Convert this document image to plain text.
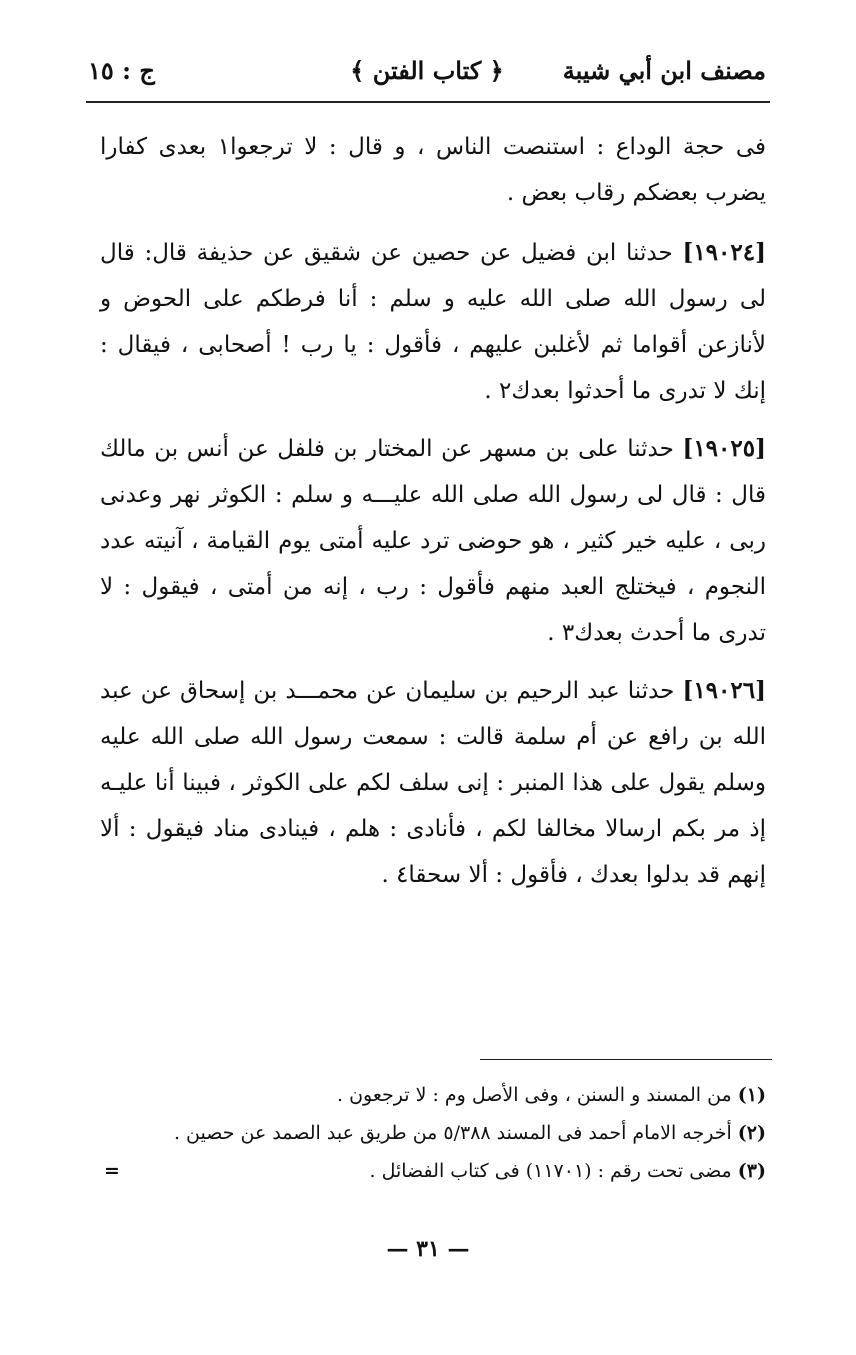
مصنف ابن أبي شيبة
﴿ كتاب الفتن ﴾
ج : ١٥

فى حجة الوداع : استنصت الناس ، و قال : لا ترجعوا١ بعدى كفارا يضرب بعضكم رقاب بعض .

[١٩٠٢٤] حدثنا ابن فضيل عن حصين عن شقيق عن حذيفة قال: قال لى رسول الله صلى الله عليه و سلم : أنا فرطكم على الحوض و لأنازعن أقواما ثم لأغلبن عليهم ، فأقول : يا رب ! أصحابى ، فيقال : إنك لا تدرى ما أحدثوا بعدك٢ .

[١٩٠٢٥] حدثنا على بن مسهر عن المختار بن فلفل عن أنس بن مالك قال : قال لى رسول الله صلى الله عليـــه و سلم : الكوثر نهر وعدنى ربى ، عليه خير كثير ، هو حوضى ترد عليه أمتى يوم القيامة ، آنيته عدد النجوم ، فيختلج العبد منهم فأقول : رب ، إنه من أمتى ، فيقول : لا تدرى ما أحدث بعدك٣ .

[١٩٠٢٦] حدثنا عبد الرحيم بن سليمان عن محمـــد بن إسحاق عن عبد الله بن رافع عن أم سلمة قالت : سمعت رسول الله صلى الله عليه وسلم يقول على هذا المنبر : إنى سلف لكم على الكوثر ، فبينا أنا عليـه إذ مر بكم ارسالا مخالفا لكم ، فأنادى : هلم ، فينادى مناد فيقول : ألا إنهم قد بدلوا بعدك ، فأقول : ألا سحقا٤ .

(١) من المسند و السنن ، وفى الأصل وم : لا ترجعون .
(٢) أخرجه الامام أحمد فى المسند ٥/٣٨٨ من طريق عبد الصمد عن حصين .
(٣) مضى تحت رقم : (١١٧٠١) فى كتاب الفضائل .
=
— ٣١ —
